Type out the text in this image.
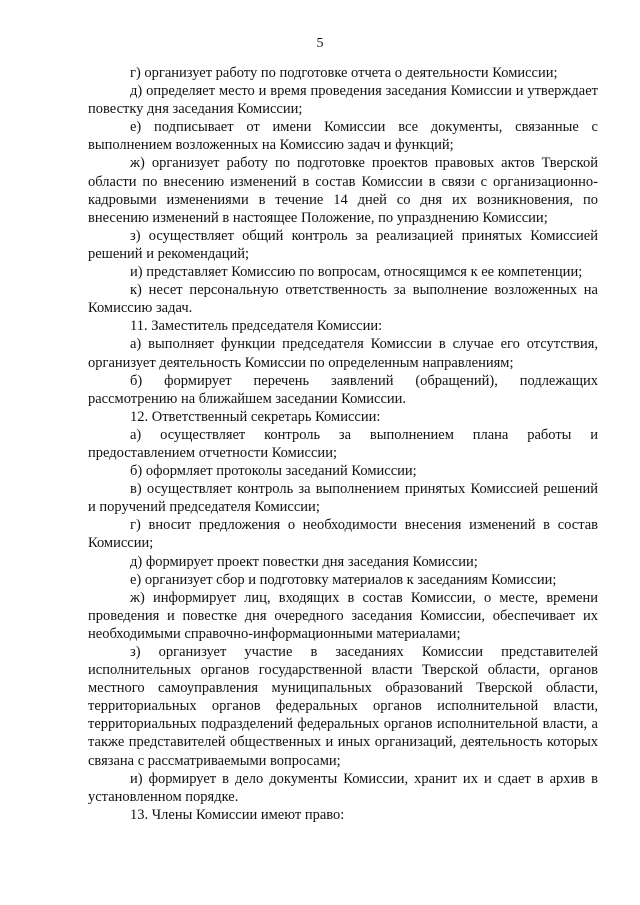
5

г) организует работу по подготовке отчета о деятельности Комиссии;

д) определяет место и время проведения заседания Комиссии и утверждает повестку дня заседания Комиссии;

е) подписывает от имени Комиссии все документы, связанные с выполнением возложенных на Комиссию задач и функций;

ж) организует работу по подготовке проектов правовых актов Тверской области по внесению изменений в состав Комиссии в связи с организационно-кадровыми изменениями в течение 14 дней со дня их возникновения, по внесению изменений в настоящее Положение, по упразднению Комиссии;

з) осуществляет общий контроль за реализацией принятых Комиссией решений и рекомендаций;

и) представляет Комиссию по вопросам, относящимся к ее компетенции;

к) несет персональную ответственность за выполнение возложенных на Комиссию задач.

11. Заместитель председателя Комиссии:

а) выполняет функции председателя Комиссии в случае его отсутствия, организует деятельность Комиссии по определенным направлениям;

б) формирует перечень заявлений (обращений), подлежащих рассмотрению на ближайшем заседании Комиссии.

12. Ответственный секретарь Комиссии:

а) осуществляет контроль за выполнением плана работы и предоставлением отчетности Комиссии;

б) оформляет протоколы заседаний Комиссии;

в) осуществляет контроль за выполнением принятых Комиссией решений и поручений председателя Комиссии;

г) вносит предложения о необходимости внесения изменений в состав Комиссии;

д) формирует проект повестки дня заседания Комиссии;

е) организует сбор и подготовку материалов к заседаниям Комиссии;

ж) информирует лиц, входящих в состав Комиссии, о месте, времени проведения и повестке дня очередного заседания Комиссии, обеспечивает их необходимыми справочно-информационными материалами;

з) организует участие в заседаниях Комиссии представителей исполнительных органов государственной власти Тверской области, органов местного самоуправления муниципальных образований Тверской области, территориальных органов федеральных органов исполнительной власти, территориальных подразделений федеральных органов исполнительной власти, а также представителей общественных и иных организаций, деятельность которых связана с рассматриваемыми вопросами;

и) формирует в дело документы Комиссии, хранит их и сдает в архив в установленном порядке.

13. Члены Комиссии имеют право:
